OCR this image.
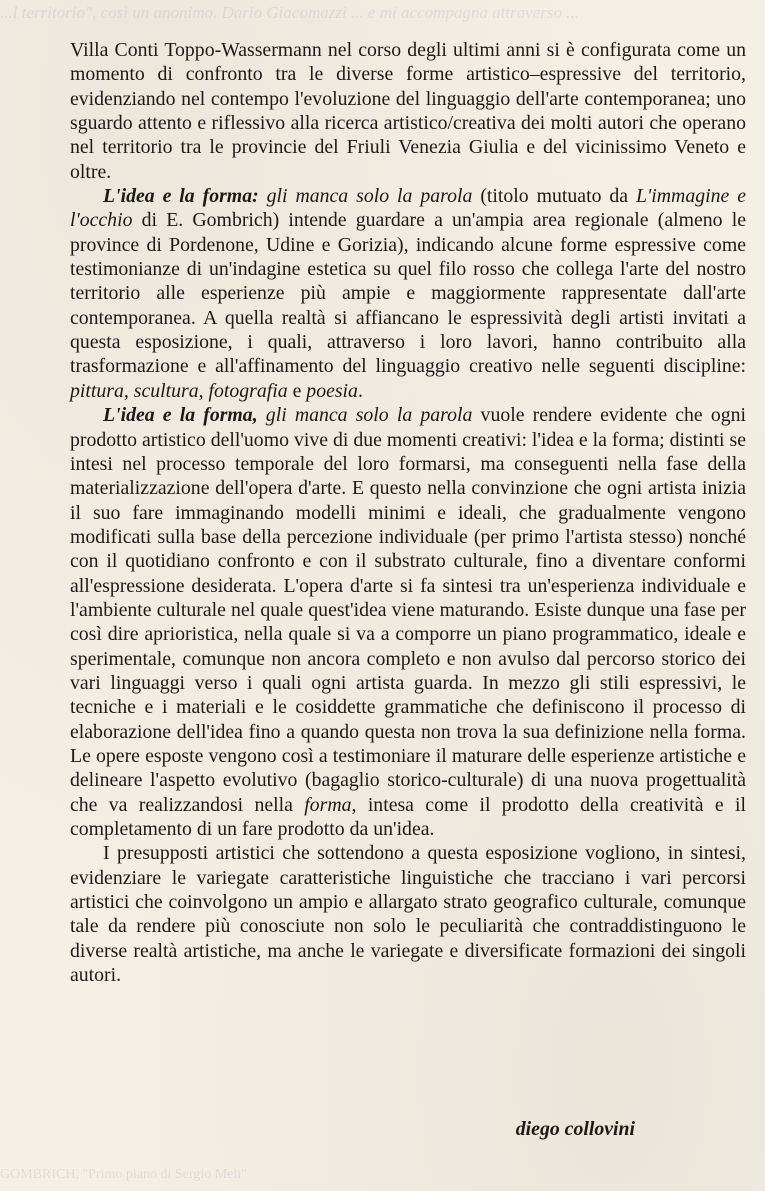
...l territorio", così un anonimo. Dario Giacomazzi ... e mi accompagna attraverso ...
GOMBRICH, "Primo piano di Sergio Meli"

Villa Conti Toppo-Wassermann nel corso degli ultimi anni si è configurata come un momento di confronto tra le diverse forme artistico–espressive del territorio, evidenziando nel contempo l'evoluzione del linguaggio dell'arte contemporanea; uno sguardo attento e riflessivo alla ricerca artistico/creativa dei molti autori che operano nel territorio tra le provincie del Friuli Venezia Giulia e del vicinissimo Veneto e oltre.

L'idea e la forma: gli manca solo la parola (titolo mutuato da L'immagine e l'occhio di E. Gombrich) intende guardare a un'ampia area regionale (almeno le province di Pordenone, Udine e Gorizia), indicando alcune forme espressive come testimonianze di un'indagine estetica su quel filo rosso che collega l'arte del nostro territorio alle esperienze più ampie e maggiormente rappresentate dall'arte contemporanea. A quella realtà si affiancano le espressività degli artisti invitati a questa esposizione, i quali, attraverso i loro lavori, hanno contribuito alla trasformazione e all'affinamento del linguaggio creativo nelle seguenti discipline: pittura, scultura, fotografia e poesia.

L'idea e la forma, gli manca solo la parola vuole rendere evidente che ogni prodotto artistico dell'uomo vive di due momenti creativi: l'idea e la forma; distinti se intesi nel processo temporale del loro formarsi, ma conseguenti nella fase della materializzazione dell'opera d'arte. E questo nella convinzione che ogni artista inizia il suo fare immaginando modelli minimi e ideali, che gradualmente vengono modificati sulla base della percezione individuale (per primo l'artista stesso) nonché con il quotidiano confronto e con il substrato culturale, fino a diventare conformi all'espressione desiderata. L'opera d'arte si fa sintesi tra un'esperienza individuale e l'ambiente culturale nel quale quest'idea viene maturando. Esiste dunque una fase per così dire aprioristica, nella quale si va a comporre un piano programmatico, ideale e sperimentale, comunque non ancora completo e non avulso dal percorso storico dei vari linguaggi verso i quali ogni artista guarda. In mezzo gli stili espressivi, le tecniche e i materiali e le cosiddette grammatiche che definiscono il processo di elaborazione dell'idea fino a quando questa non trova la sua definizione nella forma. Le opere esposte vengono così a testimoniare il maturare delle esperienze artistiche e delineare l'aspetto evolutivo (bagaglio storico-culturale) di una nuova progettualità che va realizzandosi nella forma, intesa come il prodotto della creatività e il completamento di un fare prodotto da un'idea.

I presupposti artistici che sottendono a questa esposizione vogliono, in sintesi, evidenziare le variegate caratteristiche linguistiche che tracciano i vari percorsi artistici che coinvolgono un ampio e allargato strato geografico culturale, comunque tale da rendere più conosciute non solo le peculiarità che contraddistinguono le diverse realtà artistiche, ma anche le variegate e diversificate formazioni dei singoli autori.

diego collovini
